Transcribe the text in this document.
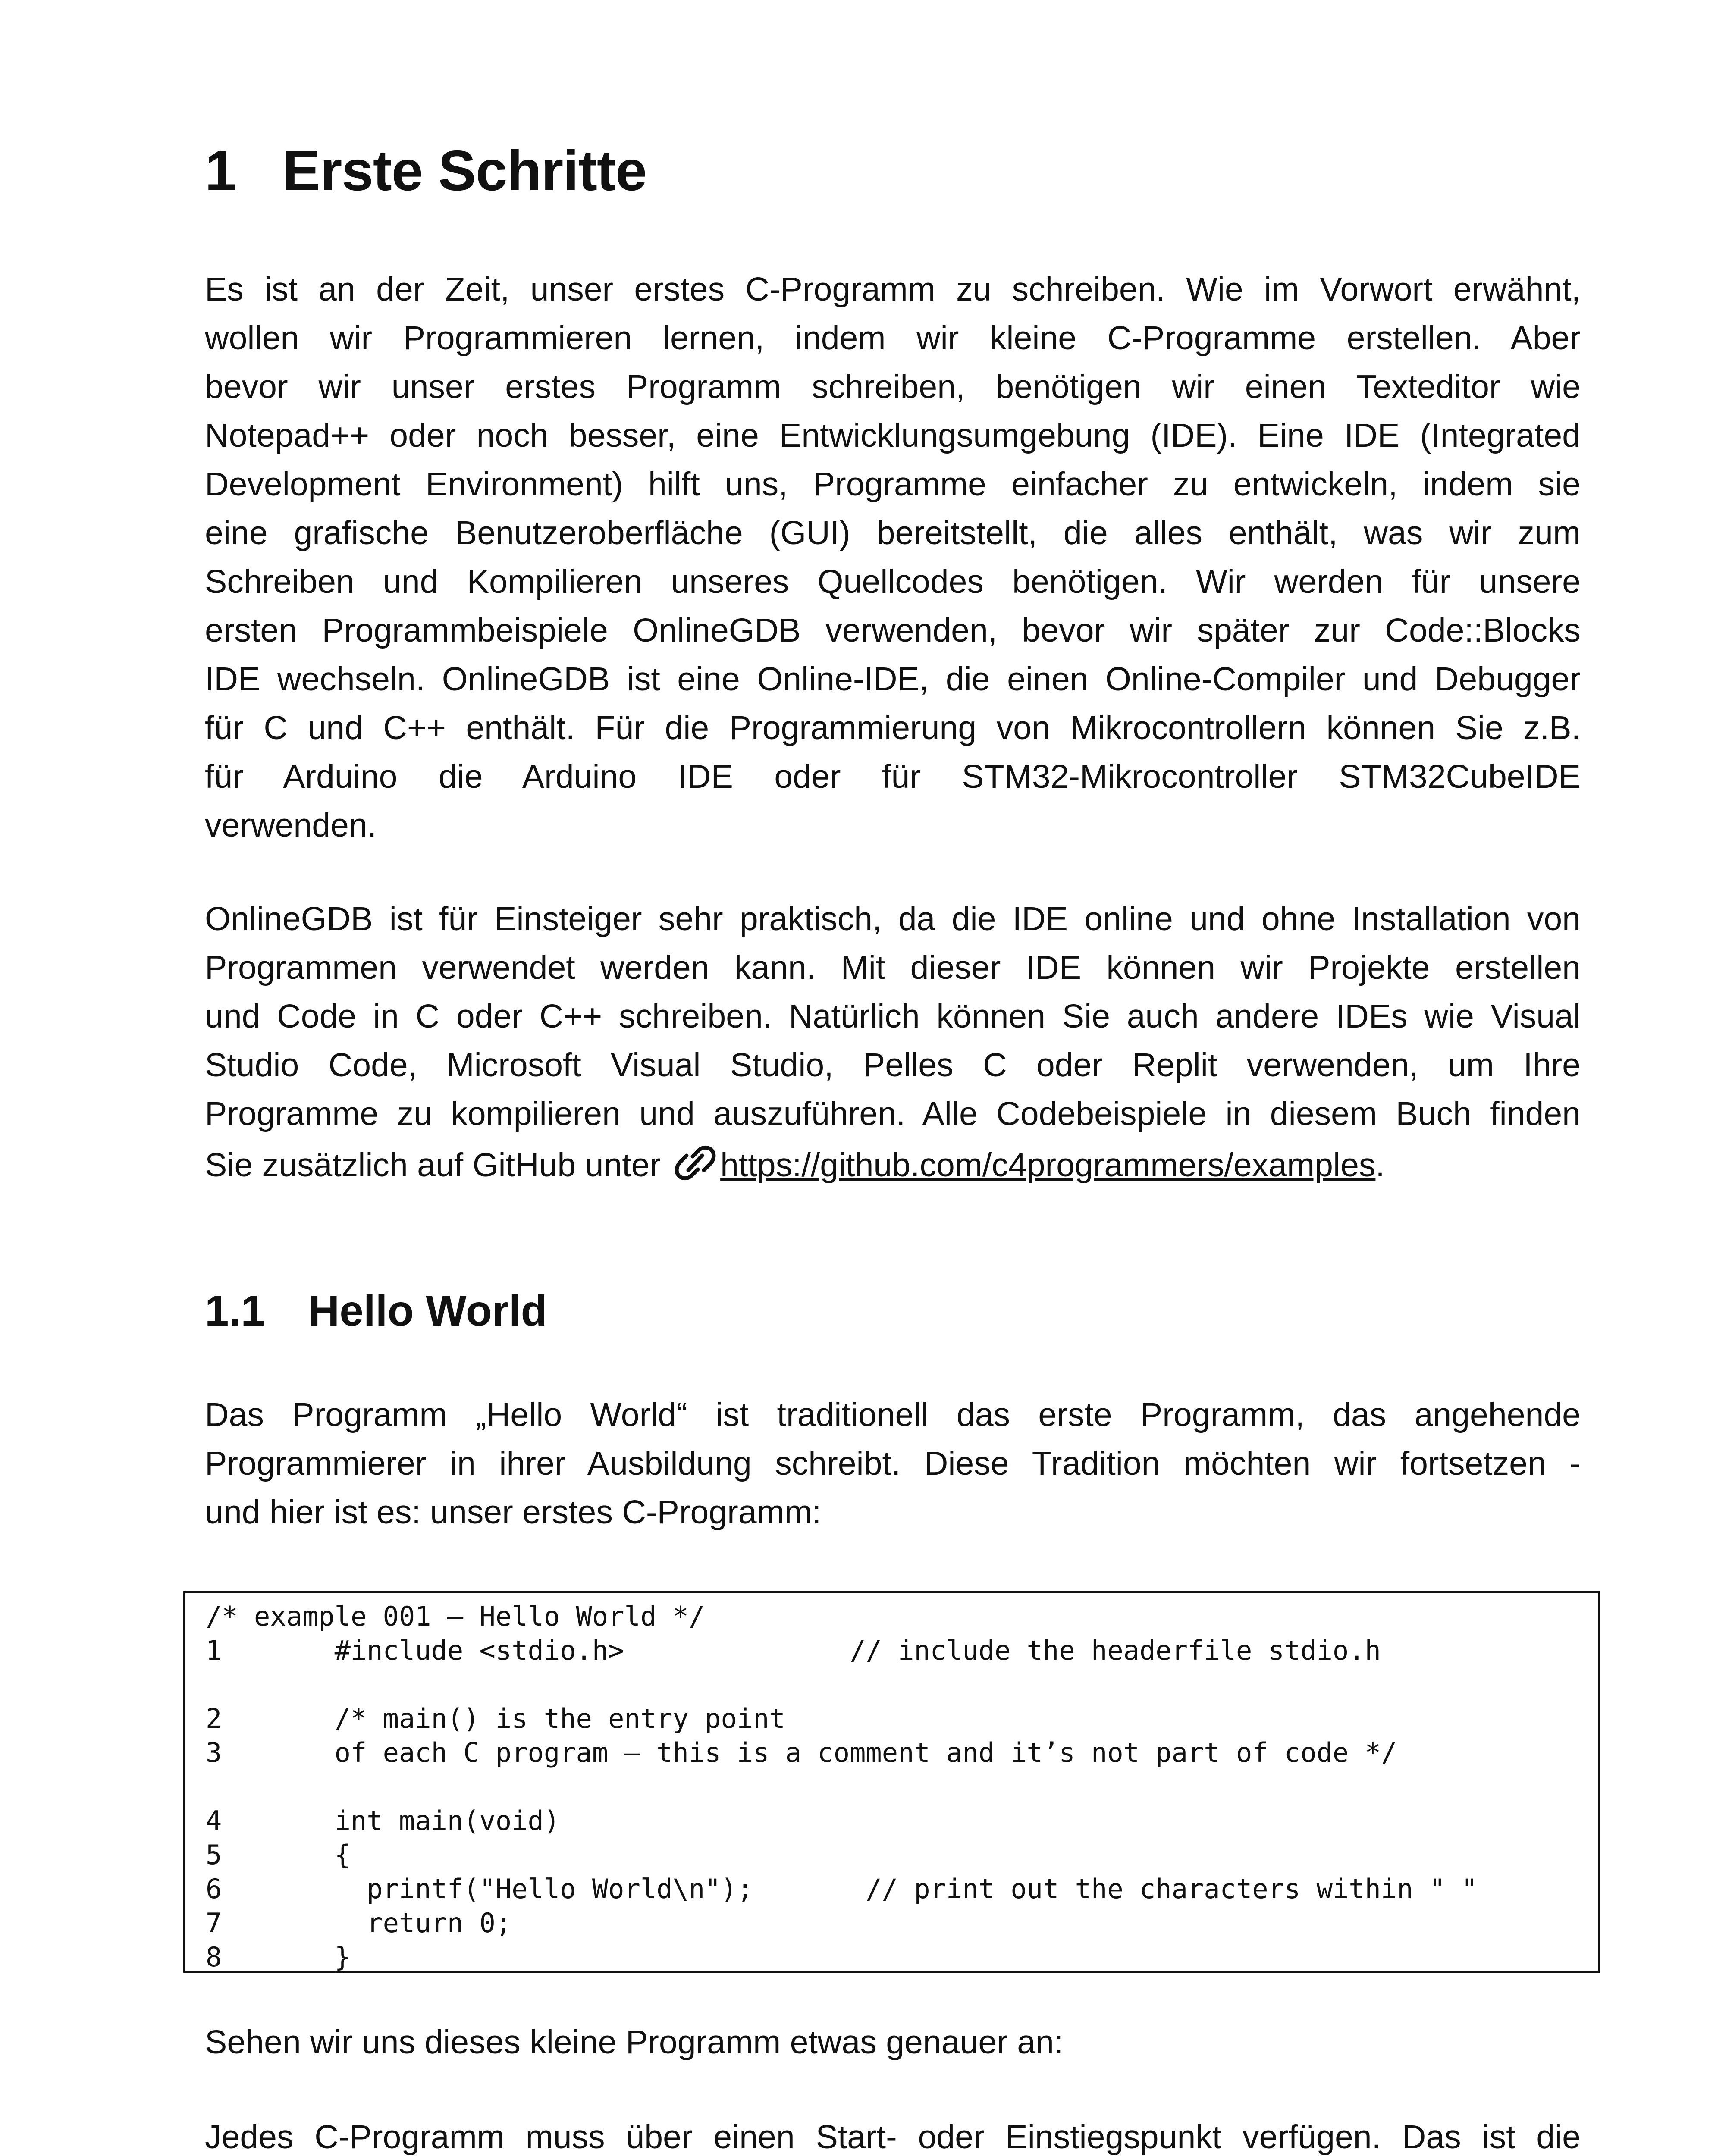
1 Erste Schritte
Es ist an der Zeit, unser erstes C-Programm zu schreiben. Wie im Vorwort erwähnt,
wollen wir Programmieren lernen, indem wir kleine C-Programme erstellen. Aber
bevor wir unser erstes Programm schreiben, benötigen wir einen Texteditor wie
Notepad++ oder noch besser, eine Entwicklungsumgebung (IDE). Eine IDE (Integrated
Development Environment) hilft uns, Programme einfacher zu entwickeln, indem sie
eine grafische Benutzeroberfläche (GUI) bereitstellt, die alles enthält, was wir zum
Schreiben und Kompilieren unseres Quellcodes benötigen. Wir werden für unsere
ersten Programmbeispiele OnlineGDB verwenden, bevor wir später zur Code::Blocks
IDE wechseln. OnlineGDB ist eine Online-IDE, die einen Online-Compiler und Debugger
für C und C++ enthält. Für die Programmierung von Mikrocontrollern können Sie z.B.
für Arduino die Arduino IDE oder für STM32-Mikrocontroller STM32CubeIDE
verwenden.
OnlineGDB ist für Einsteiger sehr praktisch, da die IDE online und ohne Installation von
Programmen verwendet werden kann. Mit dieser IDE können wir Projekte erstellen
und Code in C oder C++ schreiben. Natürlich können Sie auch andere IDEs wie Visual
Studio Code, Microsoft Visual Studio, Pelles C oder Replit verwenden, um Ihre
Programme zu kompilieren und auszuführen. Alle Codebeispiele in diesem Buch finden
Sie zusätzlich auf GitHub unter https://github.com/c4programmers/examples.
1.1 Hello World
Das Programm „Hello World“ ist traditionell das erste Programm, das angehende
Programmierer in ihrer Ausbildung schreibt. Diese Tradition möchten wir fortsetzen -
und hier ist es: unser erstes C-Programm:
/* example 001 – Hello World */
1       #include <stdio.h>              // include the headerfile stdio.h
2       /* main() is the entry point
3       of each C program – this is a comment and it’s not part of code */
4       int main(void)
5       {
6         printf("Hello World\n");       // print out the characters within " "
7         return 0;
8       }
Sehen wir uns dieses kleine Programm etwas genauer an:
Jedes C-Programm muss über einen Start- oder Einstiegspunkt verfügen. Das ist die
